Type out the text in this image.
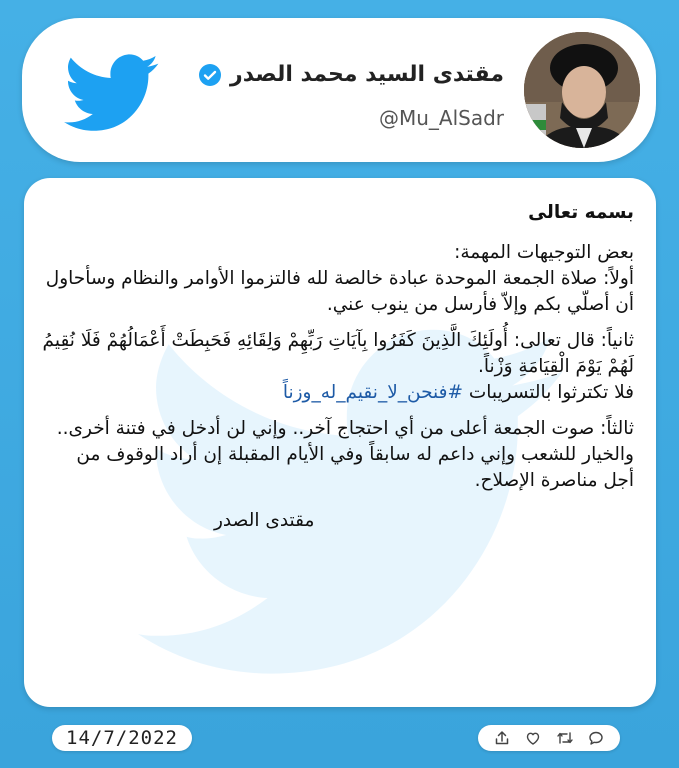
مقتدى السيد محمد الصدر
@Mu_AlSadr

بسمه تعالى

بعض التوجيهات المهمة:

أولاً: صلاة الجمعة الموحدة عبادة خالصة لله فالتزموا الأوامر والنظام وسأحاول أن أصلّي بكم وإلاّ فأرسل من ينوب عني.

ثانياً: قال تعالى: أُولَئِكَ الَّذِينَ كَفَرُوا بِآيَاتِ رَبِّهِمْ وَلِقَائِهِ فَحَبِطَتْ أَعْمَالُهُمْ فَلَا نُقِيمُ لَهُمْ يَوْمَ الْقِيَامَةِ وَزْناً.

فلا تكترثوا بالتسريبات #فنحن_لا_نقيم_له_وزناً

ثالثاً: صوت الجمعة أعلى من أي احتجاج آخر.. وإني لن أدخل في فتنة أخرى.. والخيار للشعب وإني داعم له سابقاً وفي الأيام المقبلة إن أراد الوقوف من أجل مناصرة الإصلاح.

مقتدى الصدر

14/7/2022
